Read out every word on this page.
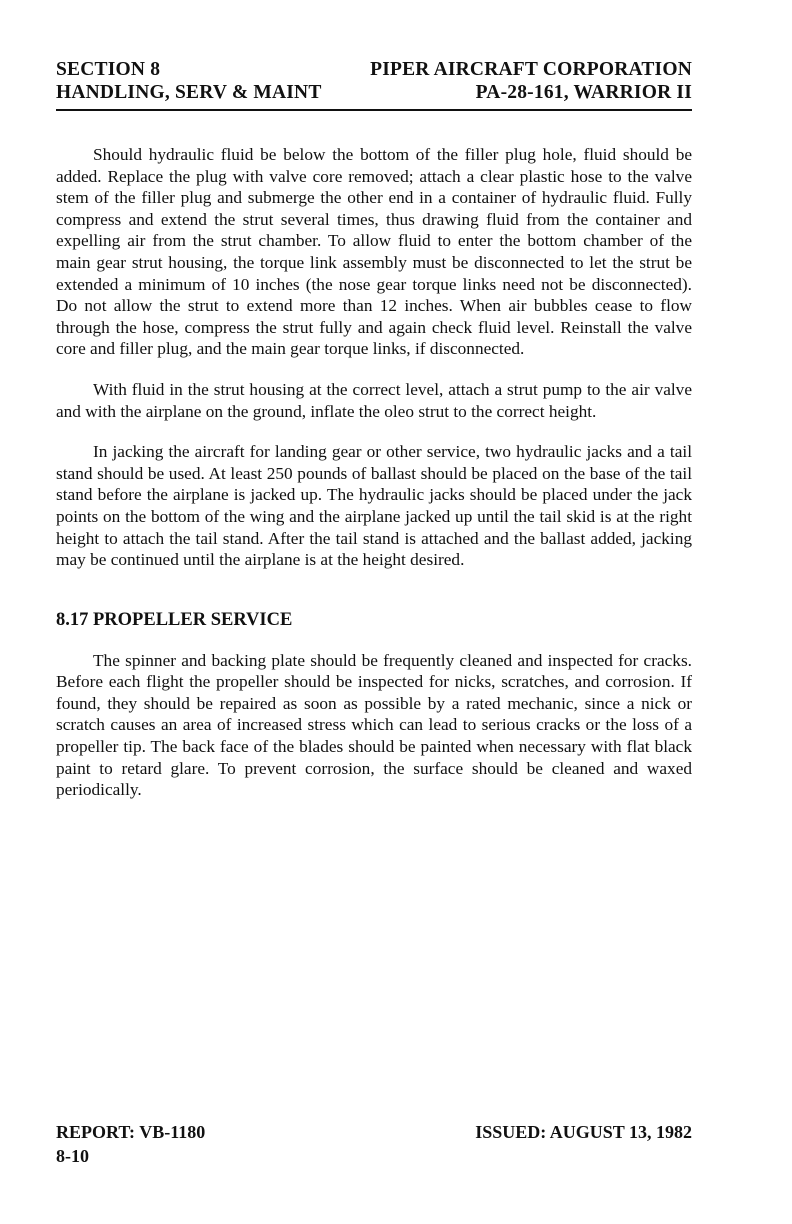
SECTION 8	PIPER AIRCRAFT CORPORATION
HANDLING, SERV & MAINT	PA-28-161, WARRIOR II

Should hydraulic fluid be below the bottom of the filler plug hole, fluid should be added. Replace the plug with valve core removed; attach a clear plastic hose to the valve stem of the filler plug and submerge the other end in a container of hydraulic fluid. Fully compress and extend the strut several times, thus drawing fluid from the container and expelling air from the strut chamber. To allow fluid to enter the bottom chamber of the main gear strut housing, the torque link assembly must be disconnected to let the strut be extended a minimum of 10 inches (the nose gear torque links need not be disconnected). Do not allow the strut to extend more than 12 inches. When air bubbles cease to flow through the hose, compress the strut fully and again check fluid level. Reinstall the valve core and filler plug, and the main gear torque links, if disconnected.

With fluid in the strut housing at the correct level, attach a strut pump to the air valve and with the airplane on the ground, inflate the oleo strut to the correct height.

In jacking the aircraft for landing gear or other service, two hydraulic jacks and a tail stand should be used. At least 250 pounds of ballast should be placed on the base of the tail stand before the airplane is jacked up. The hydraulic jacks should be placed under the jack points on the bottom of the wing and the airplane jacked up until the tail skid is at the right height to attach the tail stand. After the tail stand is attached and the ballast added, jacking may be continued until the airplane is at the height desired.

8.17 PROPELLER SERVICE

The spinner and backing plate should be frequently cleaned and inspected for cracks. Before each flight the propeller should be inspected for nicks, scratches, and corrosion. If found, they should be repaired as soon as possible by a rated mechanic, since a nick or scratch causes an area of increased stress which can lead to serious cracks or the loss of a propeller tip. The back face of the blades should be painted when necessary with flat black paint to retard glare. To prevent corrosion, the surface should be cleaned and waxed periodically.

REPORT: VB-1180	ISSUED: AUGUST 13, 1982
8-10
